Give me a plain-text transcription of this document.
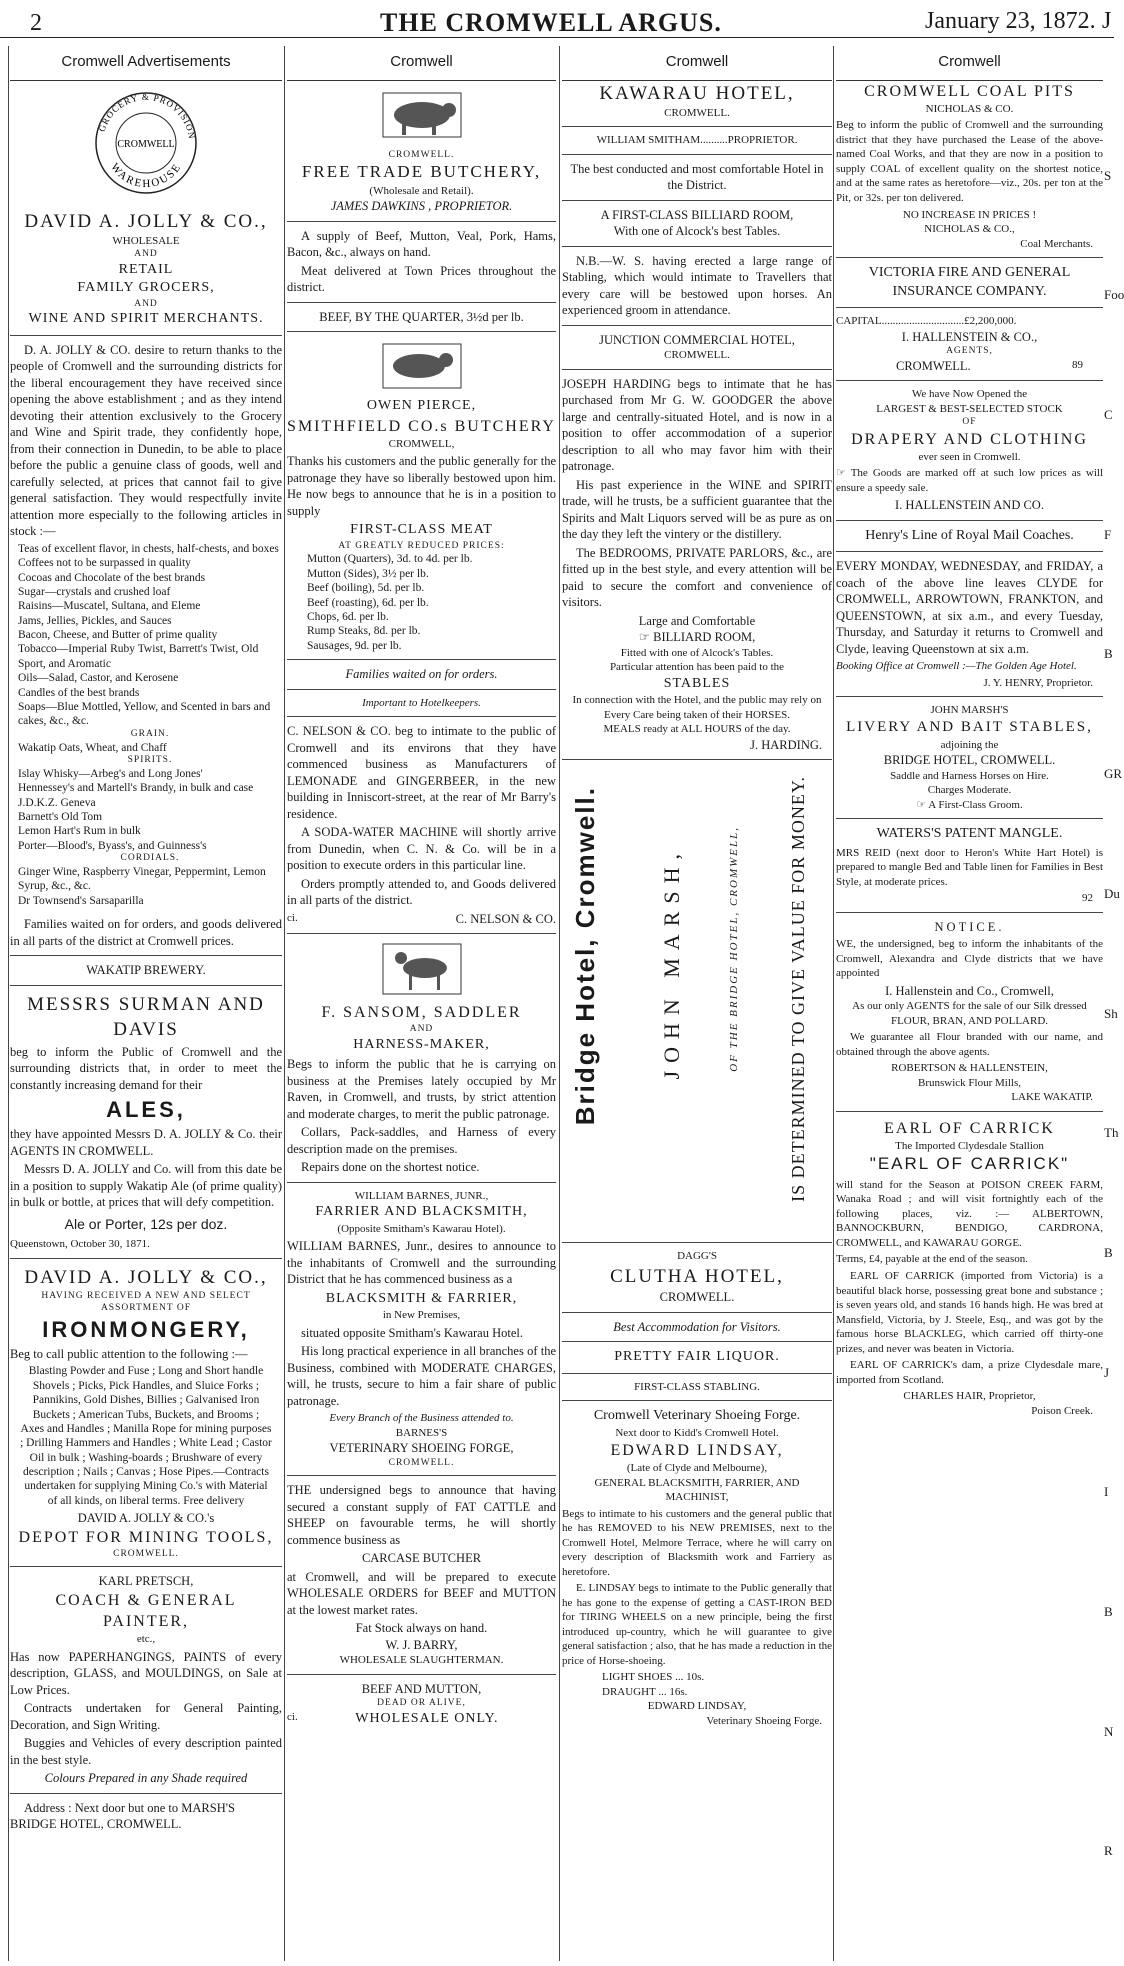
2	THE CROMWELL ARGUS.	January 23, 1872. J
Cromwell Advertisements
GROCERY & PROVISION
WAREHOUSE
CROMWELL
DAVID A. JOLLY & CO.,
WHOLESALE
AND
RETAIL
FAMILY GROCERS,
AND
WINE AND SPIRIT MERCHANTS.

D. A. JOLLY & CO. desire to return thanks to the people of Cromwell and the surrounding districts for the liberal encouragement they have received since opening the above establishment ; and as they intend devoting their attention exclusively to the Grocery and Wine and Spirit trade, they confidently hope, from their connection in Dunedin, to be able to place before the public a genuine class of goods, well and carefully selected, at prices that cannot fail to give general satisfaction. They would respectfully invite attention more especially to the following articles in stock :—

Teas of excellent flavor, in chests, half-chests, and boxes
Coffees not to be surpassed in quality
Cocoas and Chocolate of the best brands
Sugar—crystals and crushed loaf
Raisins—Muscatel, Sultana, and Eleme
Jams, Jellies, Pickles, and Sauces
Bacon, Cheese, and Butter of prime quality
Tobacco—Imperial Ruby Twist, Barrett's Twist, Old Sport, and Aromatic
Oils—Salad, Castor, and Kerosene
Candles of the best brands
Soaps—Blue Mottled, Yellow, and Scented in bars and cakes, &c., &c.
GRAIN.
Wakatip Oats, Wheat, and Chaff
SPIRITS.
Islay Whisky—Arbeg's and Long Jones'
Hennessey's and Martell's Brandy, in bulk and case
J.D.K.Z. Geneva
Barnett's Old Tom
Lemon Hart's Rum in bulk
Porter—Blood's, Byass's, and Guinness's
CORDIALS.
Ginger Wine, Raspberry Vinegar, Peppermint, Lemon Syrup, &c., &c.
Dr Townsend's Sarsaparilla

Families waited on for orders, and goods delivered in all parts of the district at Cromwell prices.

WAKATIP BREWERY.
MESSRS SURMAN AND DAVIS

beg to inform the Public of Cromwell and the surrounding districts that, in order to meet the constantly increasing demand for their

ALES,

they have appointed Messrs D. A. JOLLY & Co. their AGENTS IN CROMWELL.

Messrs D. A. JOLLY and Co. will from this date be in a position to supply Wakatip Ale (of prime quality) in bulk or bottle, at prices that will defy competition.

Ale or Porter, 12s per doz.
Queenstown, October 30, 1871.
DAVID A. JOLLY & CO.,
HAVING RECEIVED A NEW AND SELECT ASSORTMENT OF
IRONMONGERY,

Beg to call public attention to the following :—

Blasting Powder and Fuse ; Long and Short handle Shovels ; Picks, Pick Handles, and Sluice Forks ; Pannikins, Gold Dishes, Billies ; Galvanised Iron Buckets ; American Tubs, Buckets, and Brooms ; Axes and Handles ; Manilla Rope for mining purposes ; Drilling Hammers and Handles ; White Lead ; Castor Oil in bulk ; Washing-boards ; Brushware of every description ; Nails ; Canvas ; Hose Pipes.—Contracts undertaken for supplying Mining Co.'s with Material of all kinds, on liberal terms. Free delivery

DAVID A. JOLLY & CO.'s
DEPOT FOR MINING TOOLS,
CROMWELL.
KARL PRETSCH,
COACH & GENERAL PAINTER,
etc.,

Has now PAPERHANGINGS, PAINTS of every description, GLASS, and MOULDINGS, on Sale at Low Prices.

Contracts undertaken for General Painting, Decoration, and Sign Writing.

Buggies and Vehicles of every description painted in the best style.

Colours Prepared in any Shade required

Address : Next door but one to MARSH'S BRIDGE HOTEL, CROMWELL.

Cromwell
CROMWELL.
FREE TRADE BUTCHERY,
(Wholesale and Retail).
JAMES DAWKINS , PROPRIETOR.

A supply of Beef, Mutton, Veal, Pork, Hams, Bacon, &c., always on hand.

Meat delivered at Town Prices throughout the district.

BEEF, BY THE QUARTER, 3½d per lb.
OWEN PIERCE,
SMITHFIELD CO.s BUTCHERY
CROMWELL,

Thanks his customers and the public generally for the patronage they have so liberally bestowed upon him. He now begs to announce that he is in a position to supply

FIRST-CLASS MEAT
AT GREATLY REDUCED PRICES:
Mutton (Quarters), 3d. to 4d. per lb.
Mutton (Sides), 3½ per lb.
Beef (boiling), 5d. per lb.
Beef (roasting), 6d. per lb.
Chops, 6d. per lb.
Rump Steaks, 8d. per lb.
Sausages, 9d. per lb.
Families waited on for orders.
Important to Hotelkeepers.

C. NELSON & CO. beg to intimate to the public of Cromwell and its environs that they have commenced business as Manufacturers of LEMONADE and GINGERBEER, in the new building in Inniscort-street, at the rear of Mr Barry's residence.

A SODA-WATER MACHINE will shortly arrive from Dunedin, when C. N. & Co. will be in a position to execute orders in this particular line.

Orders promptly attended to, and Goods delivered in all parts of the district.

ci.	C. NELSON & CO.
F. SANSOM, SADDLER
AND
HARNESS-MAKER,

Begs to inform the public that he is carrying on business at the Premises lately occupied by Mr Raven, in Cromwell, and trusts, by strict attention and moderate charges, to merit the public patronage.

Collars, Pack-saddles, and Harness of every description made on the premises.

Repairs done on the shortest notice.

WILLIAM BARNES, JUNR.,
FARRIER AND BLACKSMITH,
(Opposite Smitham's Kawarau Hotel).

WILLIAM BARNES, Junr., desires to announce to the inhabitants of Cromwell and the surrounding District that he has commenced business as a

BLACKSMITH & FARRIER,
in New Premises,

situated opposite Smitham's Kawarau Hotel.

His long practical experience in all branches of the Business, combined with MODERATE CHARGES, will, he trusts, secure to him a fair share of public patronage.

Every Branch of the Business attended to.
BARNES'S
VETERINARY SHOEING FORGE,
CROMWELL.

THE undersigned begs to announce that having secured a constant supply of FAT CATTLE and SHEEP on favourable terms, he will shortly commence business as

CARCASE BUTCHER

at Cromwell, and will be prepared to execute WHOLESALE ORDERS for BEEF and MUTTON at the lowest market rates.

Fat Stock always on hand.
W. J. BARRY,
WHOLESALE SLAUGHTERMAN.
BEEF AND MUTTON,
DEAD OR ALIVE,
ci.	WHOLESALE ONLY.
Cromwell
KAWARAU HOTEL,
CROMWELL.
WILLIAM SMITHAM..........PROPRIETOR.

The best conducted and most comfortable Hotel in the District.

A FIRST-CLASS BILLIARD ROOM,
With one of Alcock's best Tables.

N.B.—W. S. having erected a large range of Stabling, which would intimate to Travellers that every care will be bestowed upon horses. An experienced groom in attendance.

JUNCTION COMMERCIAL HOTEL,
CROMWELL.

JOSEPH HARDING begs to intimate that he has purchased from Mr G. W. GOODGER the above large and centrally-situated Hotel, and is now in a position to offer accommodation of a superior description to all who may favor him with their patronage.

His past experience in the WINE and SPIRIT trade, will he trusts, be a sufficient guarantee that the Spirits and Malt Liquors served will be as pure as on the day they left the vintery or the distillery.

The BEDROOMS, PRIVATE PARLORS, &c., are fitted up in the best style, and every attention will be paid to secure the comfort and convenience of visitors.

Large and Comfortable
☞ BILLIARD ROOM,
Fitted with one of Alcock's Tables.
Particular attention has been paid to the
STABLES
In connection with the Hotel, and the public may rely on
Every Care being taken of their HORSES.
MEALS ready at ALL HOURS of the day.
J. HARDING.
Bridge Hotel, Cromwell.	JOHN MARSH,	OF THE BRIDGE HOTEL, CROMWELL,	IS DETERMINED TO GIVE VALUE FOR MONEY.
DAGG'S
CLUTHA HOTEL,
CROMWELL.
Best Accommodation for Visitors.
PRETTY FAIR LIQUOR.
FIRST-CLASS STABLING.
Cromwell Veterinary Shoeing Forge.
Next door to Kidd's Cromwell Hotel.
EDWARD LINDSAY,
(Late of Clyde and Melbourne),
GENERAL BLACKSMITH, FARRIER, AND MACHINIST,

Begs to intimate to his customers and the general public that he has REMOVED to his NEW PREMISES, next to the Cromwell Hotel, Melmore Terrace, where he will carry on every description of Blacksmith work and Farriery as heretofore.

E. LINDSAY begs to intimate to the Public generally that he has gone to the expense of getting a CAST-IRON BED for TIRING WHEELS on a new principle, being the first introduced up-country, which he will guarantee to give general satisfaction ; also, that he has made a reduction in the price of Horse-shoeing.

LIGHT SHOES ... 10s.
DRAUGHT ... 16s.
EDWARD LINDSAY,
Veterinary Shoeing Forge.
Cromwell
CROMWELL COAL PITS
NICHOLAS & CO.

Beg to inform the public of Cromwell and the surrounding district that they have purchased the Lease of the above-named Coal Works, and that they are now in a position to supply COAL of excellent quality on the shortest notice, and at the same rates as heretofore—viz., 20s. per ton at the Pit, or 32s. per ton delivered.

NO INCREASE IN PRICES !
NICHOLAS & CO.,
Coal Merchants.
VICTORIA FIRE AND GENERAL INSURANCE COMPANY.
CAPITAL..............................£2,200,000.
I. HALLENSTEIN & CO.,
AGENTS,
CROMWELL.	89
We have Now Opened the
LARGEST & BEST-SELECTED STOCK
OF
DRAPERY AND CLOTHING
ever seen in Cromwell.

☞ The Goods are marked off at such low prices as will ensure a speedy sale.

I. HALLENSTEIN AND CO.
Henry's Line of Royal Mail Coaches.

EVERY MONDAY, WEDNESDAY, and FRIDAY, a coach of the above line leaves CLYDE for CROMWELL, ARROWTOWN, FRANKTON, and QUEENSTOWN, at six a.m., and every Tuesday, Thursday, and Saturday it returns to Cromwell and Clyde, leaving Queenstown at six a.m.

Booking Office at Cromwell :—The Golden Age Hotel.

J. Y. HENRY, Proprietor.
JOHN MARSH'S
LIVERY AND BAIT STABLES,
adjoining the
BRIDGE HOTEL, CROMWELL.
Saddle and Harness Horses on Hire.
Charges Moderate.
☞ A First-Class Groom.
WATERS'S PATENT MANGLE.

MRS REID (next door to Heron's White Hart Hotel) is prepared to mangle Bed and Table linen for Families in Best Style, at moderate prices.

92
NOTICE.

WE, the undersigned, beg to inform the inhabitants of the Cromwell, Alexandra and Clyde districts that we have appointed

I. Hallenstein and Co., Cromwell,
As our only AGENTS for the sale of our Silk dressed
FLOUR, BRAN, AND POLLARD.

We guarantee all Flour branded with our name, and obtained through the above agents.

ROBERTSON & HALLENSTEIN,
Brunswick Flour Mills,
LAKE WAKATIP.
EARL OF CARRICK
The Imported Clydesdale Stallion
"EARL OF CARRICK"

will stand for the Season at POISON CREEK FARM, Wanaka Road ; and will visit fortnightly each of the following places, viz. :— ALBERTOWN, BANNOCKBURN, BENDIGO, CARDRONA, CROMWELL, and KAWARAU GORGE.

Terms, £4, payable at the end of the season.

EARL OF CARRICK (imported from Victoria) is a beautiful black horse, possessing great bone and substance ; is seven years old, and stands 16 hands high. He was bred at Mansfield, Victoria, by J. Steele, Esq., and was got by the famous horse BLACKLEG, which carried off thirty-one prizes, and never was beaten in Victoria.

EARL OF CARRICK's dam, a prize Clydesdale mare, imported from Scotland.

CHARLES HAIR, Proprietor,
Poison Creek.
S
Foo
C
F
B
GR
Du
Sh
Th
B
J
I
B
N
R
